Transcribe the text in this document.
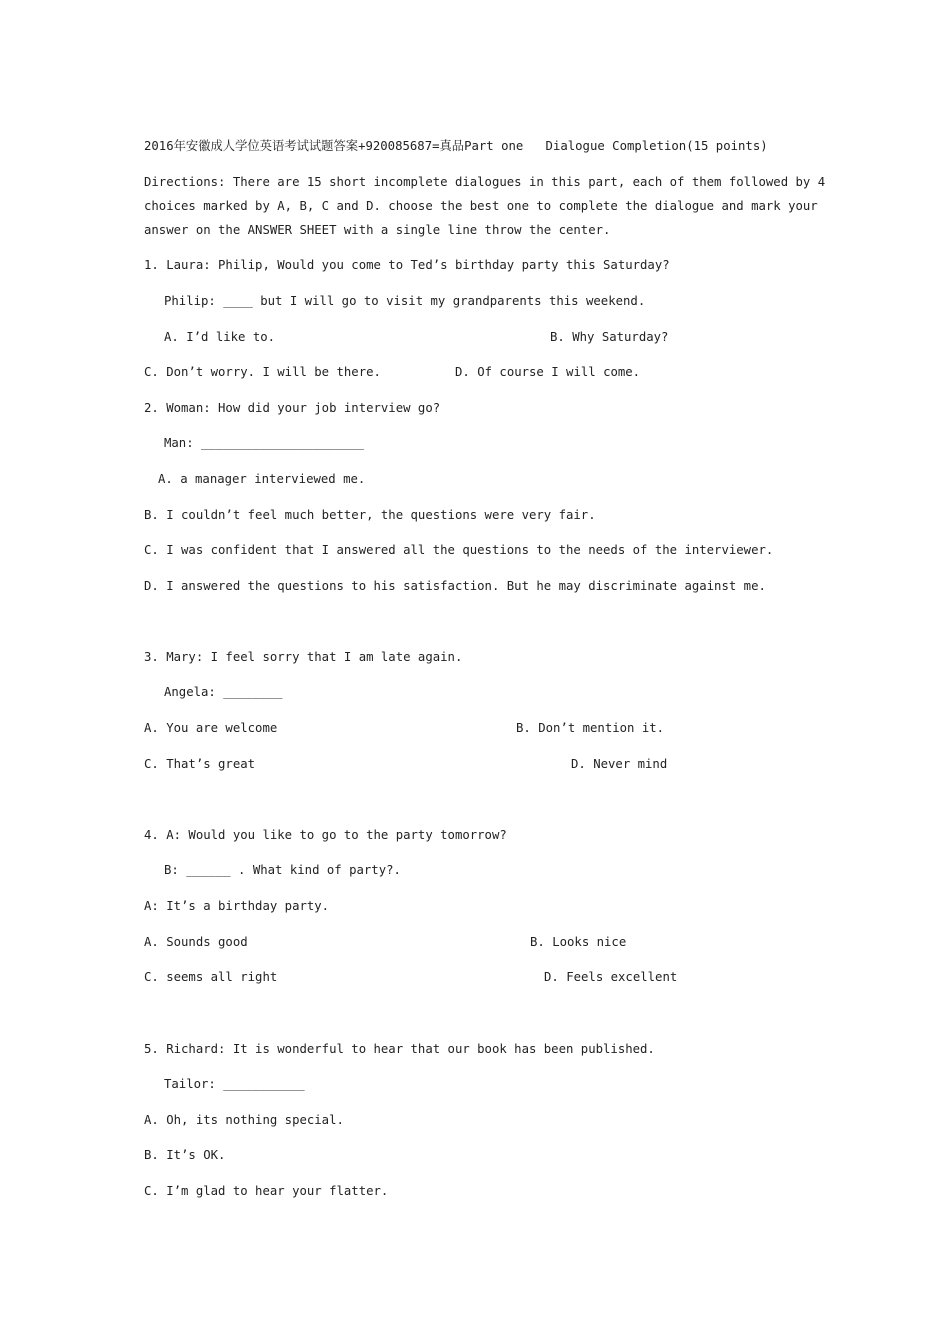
2016年安徽成人学位英语考试试题答案+920085687=真品Part one   Dialogue Completion(15 points)
Directions: There are 15 short incomplete dialogues in this part, each of them followed by 4
choices marked by A, B, C and D. choose the best one to complete the dialogue and mark your
answer on the ANSWER SHEET with a single line throw the center.
1. Laura: Philip, Would you come to Ted’s birthday party this Saturday?
Philip: ____ but I will go to visit my grandparents this weekend.
A. I’d like to.	B. Why Saturday?
C. Don’t worry. I will be there.	D. Of course I will come.
2. Woman: How did your job interview go?
Man: ______________________
A. a manager interviewed me.
B. I couldn’t feel much better, the questions were very fair.
C. I was confident that I answered all the questions to the needs of the interviewer.
D. I answered the questions to his satisfaction. But he may discriminate against me.
3. Mary: I feel sorry that I am late again.
Angela: ________
A. You are welcome	B. Don’t mention it.
C. That’s great	D. Never mind
4. A: Would you like to go to the party tomorrow?
B: ______ . What kind of party?.
A: It’s a birthday party.
A. Sounds good	B. Looks nice
C. seems all right	D. Feels excellent
5. Richard: It is wonderful to hear that our book has been published.
Tailor: ___________
A. Oh, its nothing special.
B. It’s OK.
C. I’m glad to hear your flatter.
